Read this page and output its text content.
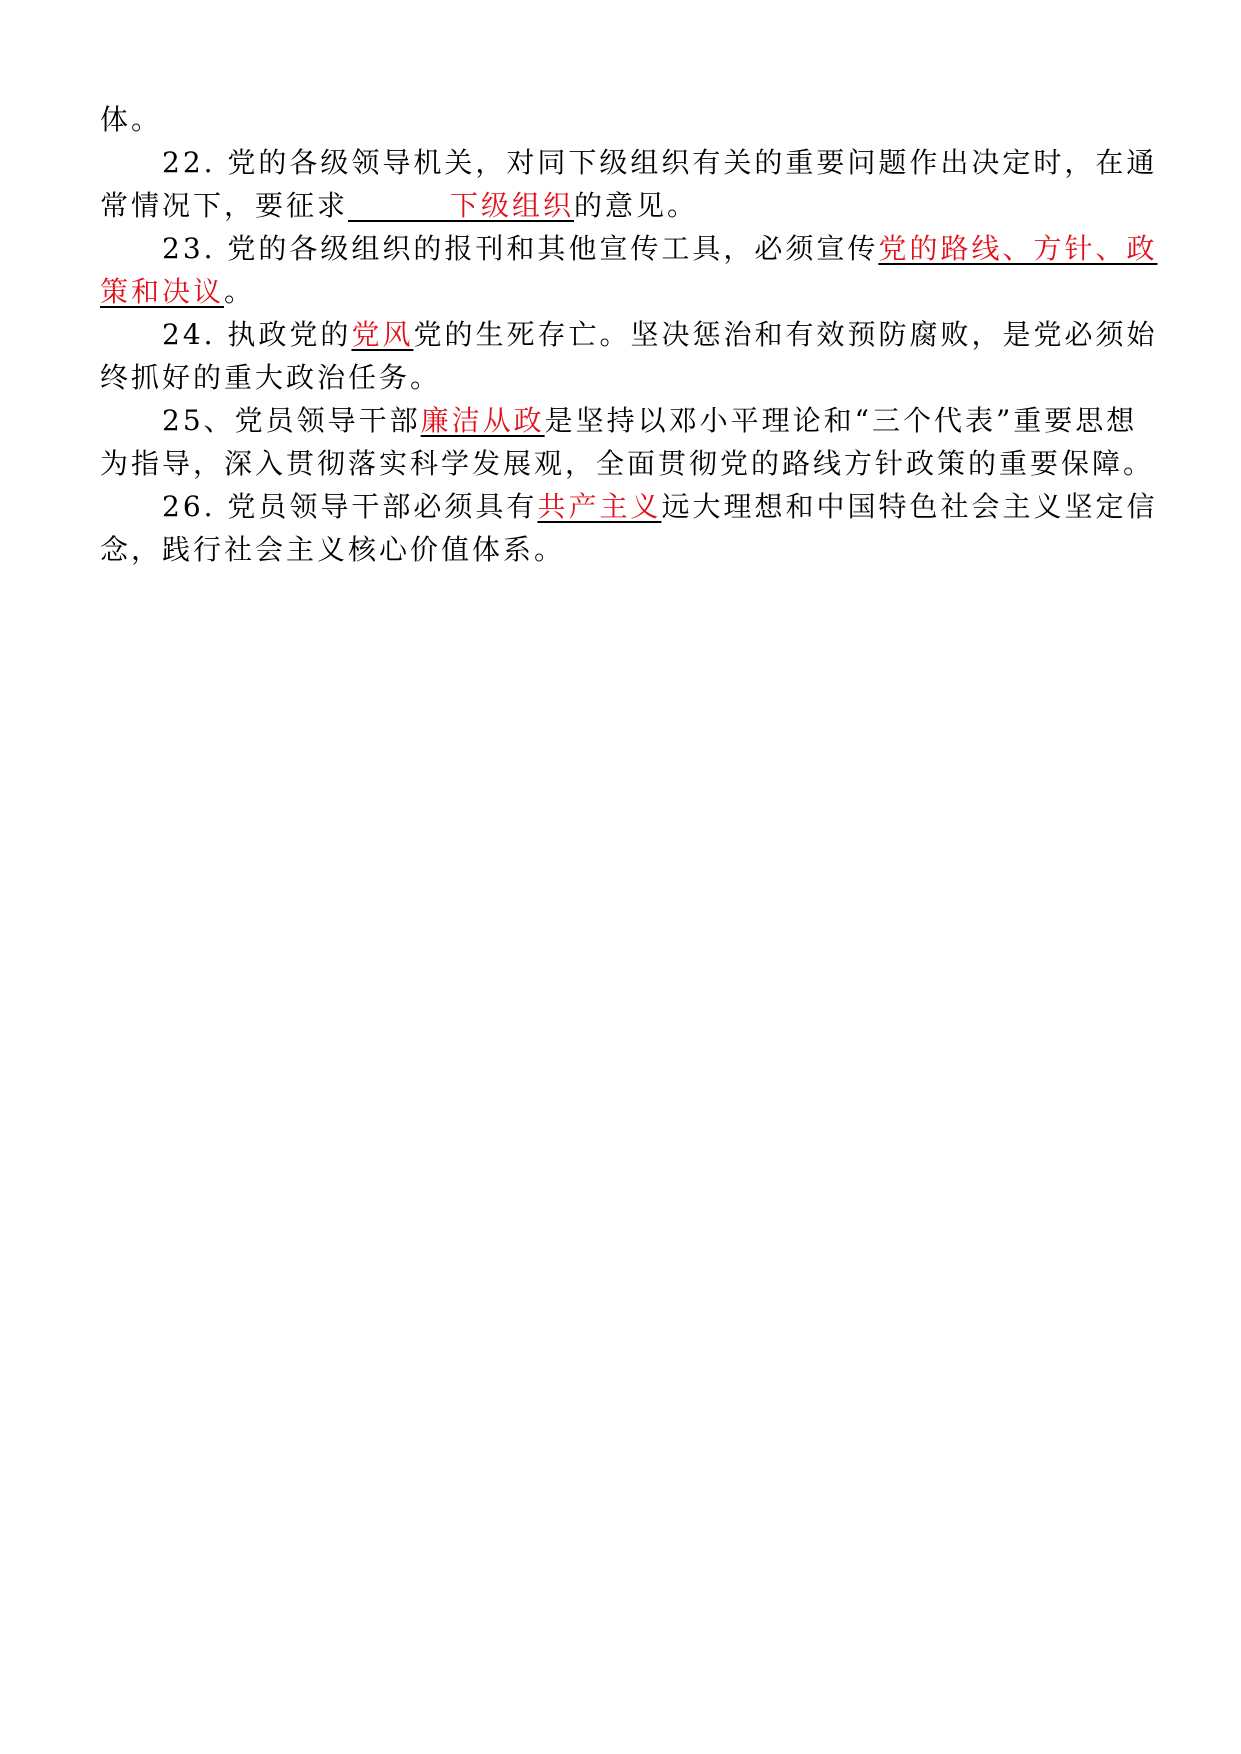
体。

22. 党的各级领导机关，对同下级组织有关的重要问题作出决定时，在通常情况下，要征求______下级组织的意见。

23. 党的各级组织的报刊和其他宣传工具，必须宣传党的路线、方针、政策和决议。

24. 执政党的党风党的生死存亡。坚决惩治和有效预防腐败，是党必须始终抓好的重大政治任务。

25、党员领导干部廉洁从政是坚持以邓小平理论和“三个代表”重要思想为指导，深入贯彻落实科学发展观，全面贯彻党的路线方针政策的重要保障。

26. 党员领导干部必须具有共产主义远大理想和中国特色社会主义坚定信念，践行社会主义核心价值体系。
